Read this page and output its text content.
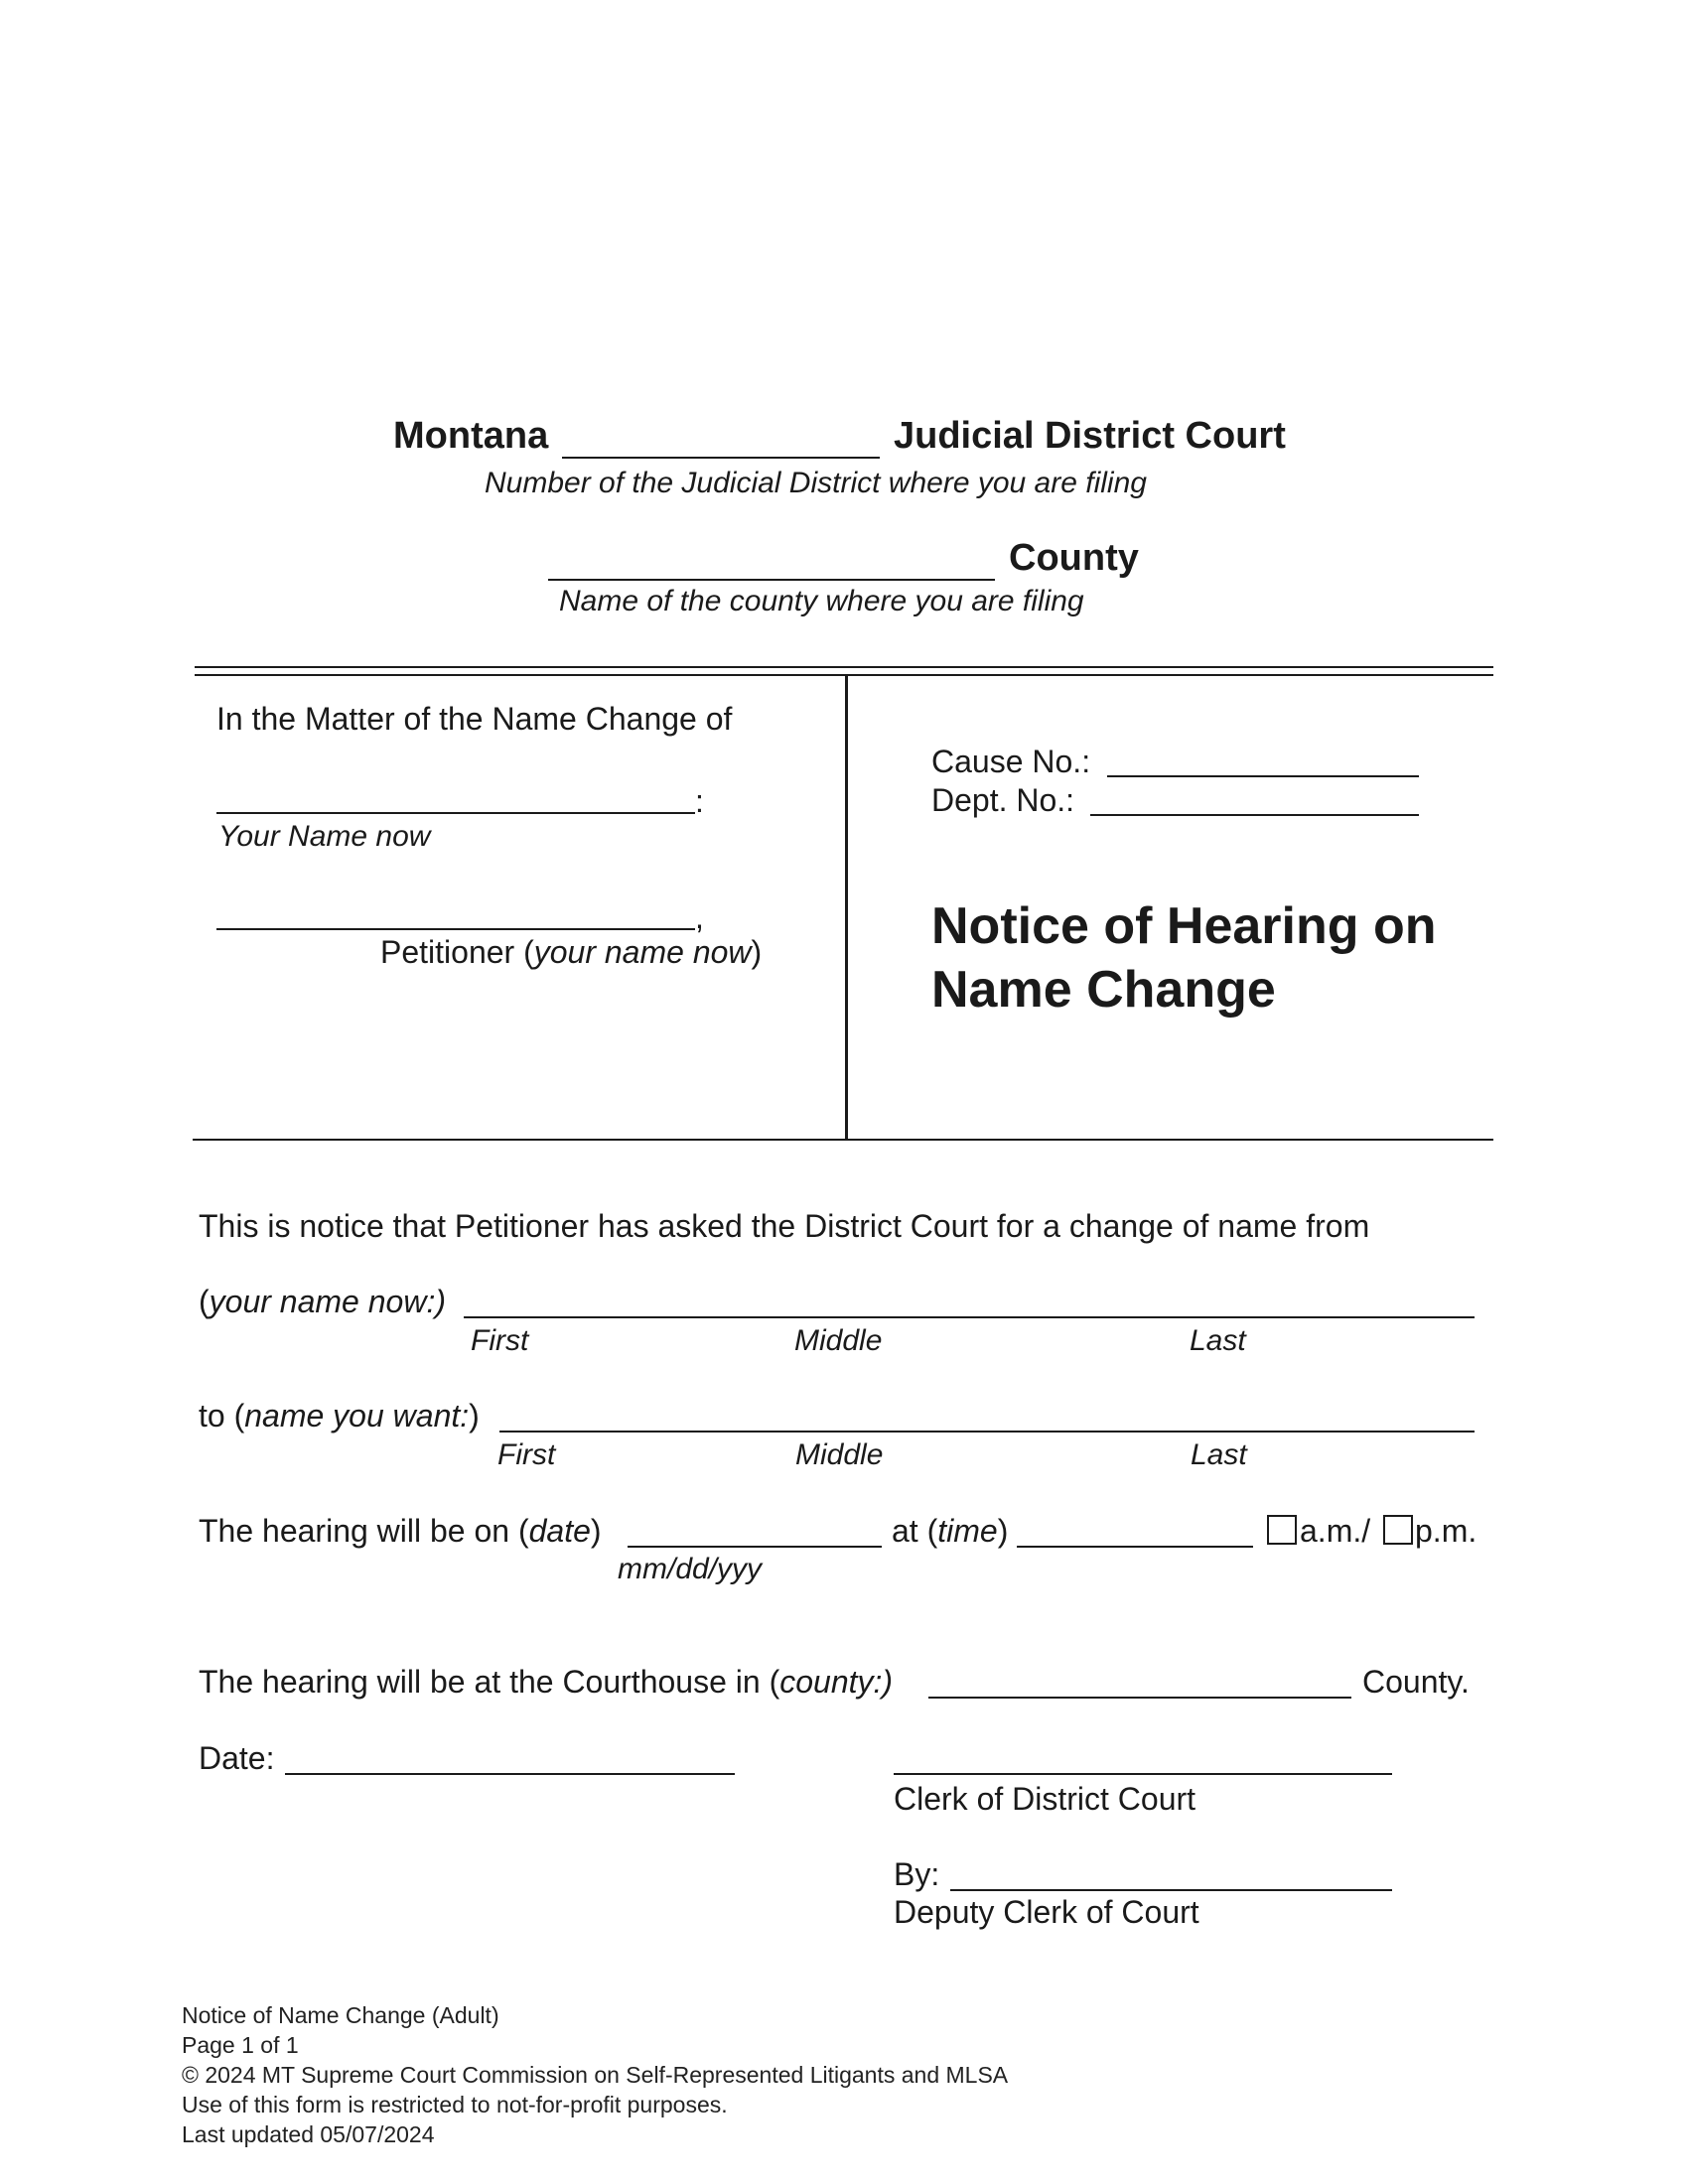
Montana	Judicial District Court
Number of the Judicial District where you are filing
County
Name of the county where you are filing
In the Matter of the Name Change of
:
Your Name now
,
Petitioner (your name now)
Cause No.:
Dept. No.:
Notice of Hearing on
Name Change
This is notice that Petitioner has asked the District Court for a change of name from
(your name now:)
First	Middle	Last
to (name you want:)
First	Middle	Last
The hearing will be on (date)	at (time)	a.m./ p.m.
mm/dd/yyy
The hearing will be at the Courthouse in (county:)	County.
Date:
Clerk of District Court
By:
Deputy Clerk of Court
Notice of Name Change (Adult)
Page 1 of 1
© 2024 MT Supreme Court Commission on Self-Represented Litigants and MLSA
Use of this form is restricted to not-for-profit purposes.
Last updated 05/07/2024
